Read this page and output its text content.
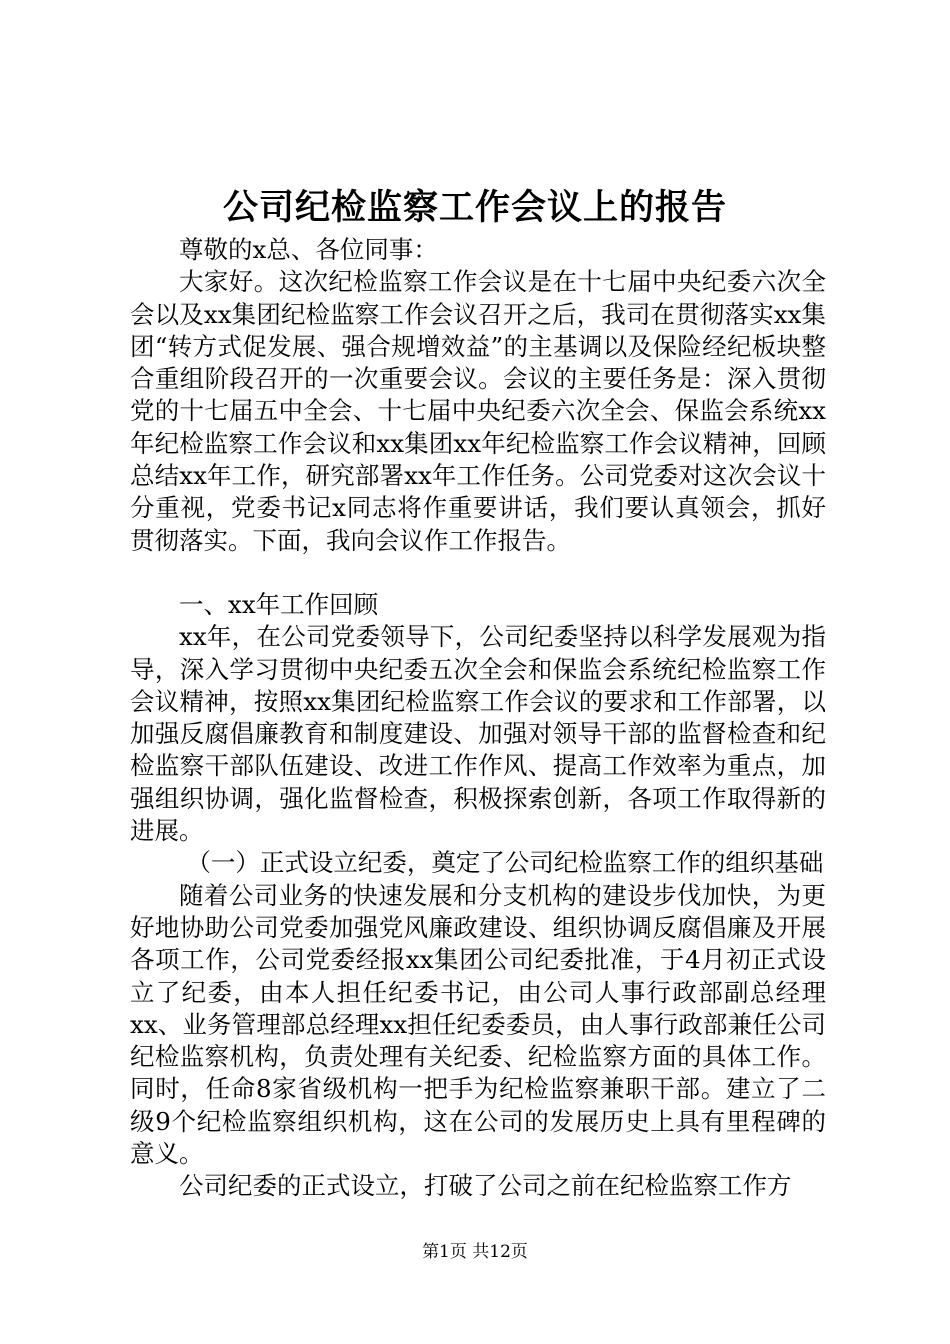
公司纪检监察工作会议上的报告

尊敬的x总、各位同事：

大家好。这次纪检监察工作会议是在十七届中央纪委六次全会以及xx集团纪检监察工作会议召开之后，我司在贯彻落实xx集团“转方式促发展、强合规增效益”的主基调以及保险经纪板块整合重组阶段召开的一次重要会议。会议的主要任务是：深入贯彻党的十七届五中全会、十七届中央纪委六次全会、保监会系统xx年纪检监察工作会议和xx集团xx年纪检监察工作会议精神，回顾总结xx年工作，研究部署xx年工作任务。公司党委对这次会议十分重视，党委书记x同志将作重要讲话，我们要认真领会，抓好贯彻落实。下面，我向会议作工作报告。

一、xx年工作回顾

xx年，在公司党委领导下，公司纪委坚持以科学发展观为指导，深入学习贯彻中央纪委五次全会和保监会系统纪检监察工作会议精神，按照xx集团纪检监察工作会议的要求和工作部署，以加强反腐倡廉教育和制度建设、加强对领导干部的监督检查和纪检监察干部队伍建设、改进工作作风、提高工作效率为重点，加强组织协调，强化监督检查，积极探索创新，各项工作取得新的进展。

（一）正式设立纪委，奠定了公司纪检监察工作的组织基础

随着公司业务的快速发展和分支机构的建设步伐加快，为更好地协助公司党委加强党风廉政建设、组织协调反腐倡廉及开展各项工作，公司党委经报xx集团公司纪委批准，于4月初正式设立了纪委，由本人担任纪委书记，由公司人事行政部副总经理xx、业务管理部总经理xx担任纪委委员，由人事行政部兼任公司纪检监察机构，负责处理有关纪委、纪检监察方面的具体工作。同时，任命8家省级机构一把手为纪检监察兼职干部。建立了二级9个纪检监察组织机构，这在公司的发展历史上具有里程碑的意义。

公司纪委的正式设立，打破了公司之前在纪检监察工作方

第1页 共12页
